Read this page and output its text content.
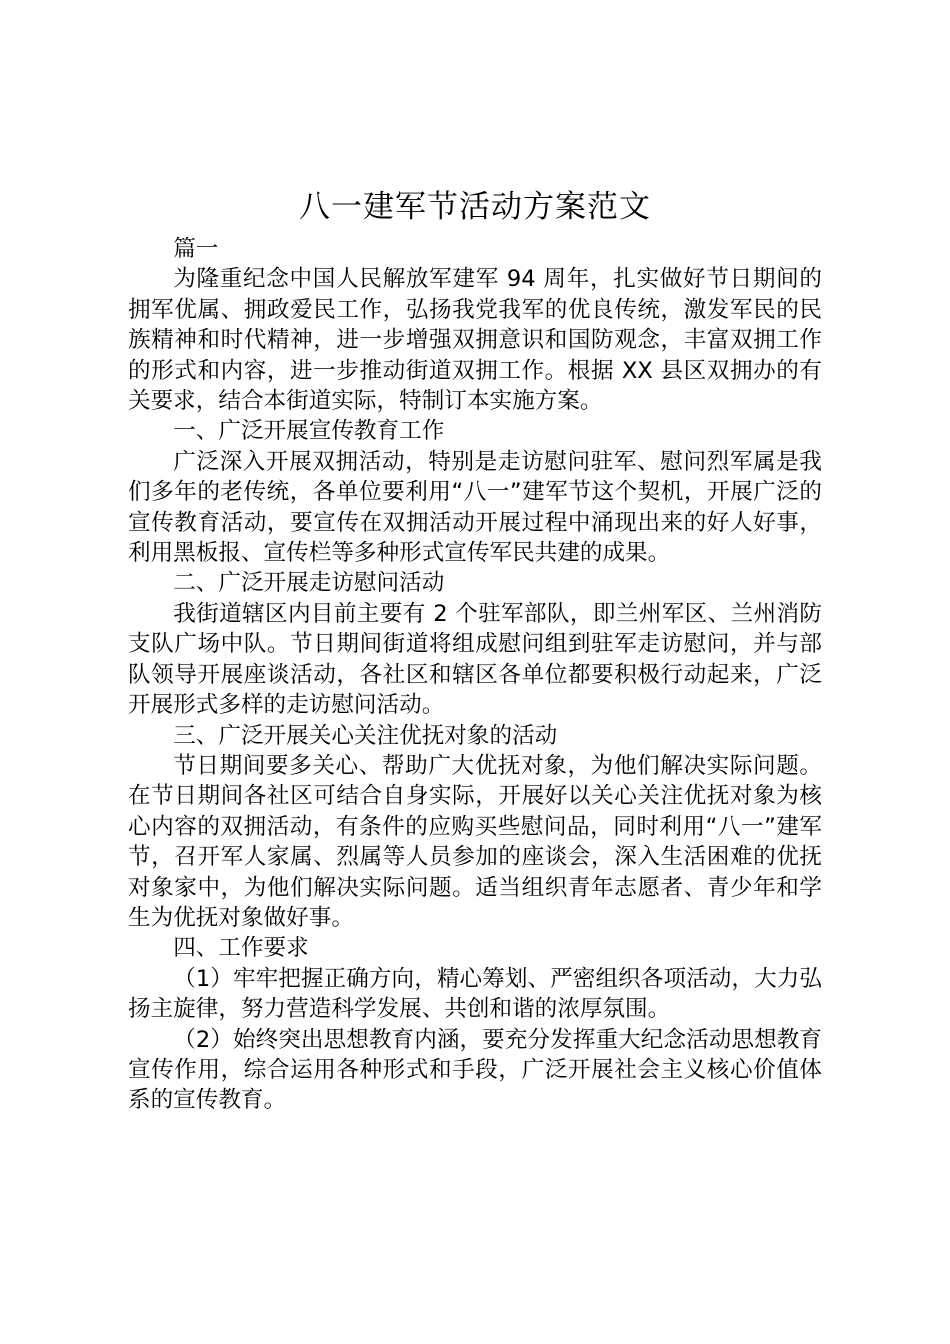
八一建军节活动方案范文

篇一

为隆重纪念中国人民解放军建军 94 周年，扎实做好节日期间的拥军优属、拥政爱民工作，弘扬我党我军的优良传统，激发军民的民族精神和时代精神，进一步增强双拥意识和国防观念，丰富双拥工作的形式和内容，进一步推动街道双拥工作。根据 XX 县区双拥办的有关要求，结合本街道实际，特制订本实施方案。

一、广泛开展宣传教育工作

广泛深入开展双拥活动，特别是走访慰问驻军、慰问烈军属是我们多年的老传统，各单位要利用“八一”建军节这个契机，开展广泛的宣传教育活动，要宣传在双拥活动开展过程中涌现出来的好人好事，利用黑板报、宣传栏等多种形式宣传军民共建的成果。

二、广泛开展走访慰问活动

我街道辖区内目前主要有 2 个驻军部队，即兰州军区、兰州消防支队广场中队。节日期间街道将组成慰问组到驻军走访慰问，并与部队领导开展座谈活动，各社区和辖区各单位都要积极行动起来，广泛开展形式多样的走访慰问活动。

三、广泛开展关心关注优抚对象的活动

节日期间要多关心、帮助广大优抚对象，为他们解决实际问题。在节日期间各社区可结合自身实际，开展好以关心关注优抚对象为核心内容的双拥活动，有条件的应购买些慰问品，同时利用“八一”建军节，召开军人家属、烈属等人员参加的座谈会，深入生活困难的优抚对象家中，为他们解决实际问题。适当组织青年志愿者、青少年和学生为优抚对象做好事。

四、工作要求

（1）牢牢把握正确方向，精心筹划、严密组织各项活动，大力弘扬主旋律，努力营造科学发展、共创和谐的浓厚氛围。

（2）始终突出思想教育内涵，要充分发挥重大纪念活动思想教育宣传作用，综合运用各种形式和手段，广泛开展社会主义核心价值体系的宣传教育。
